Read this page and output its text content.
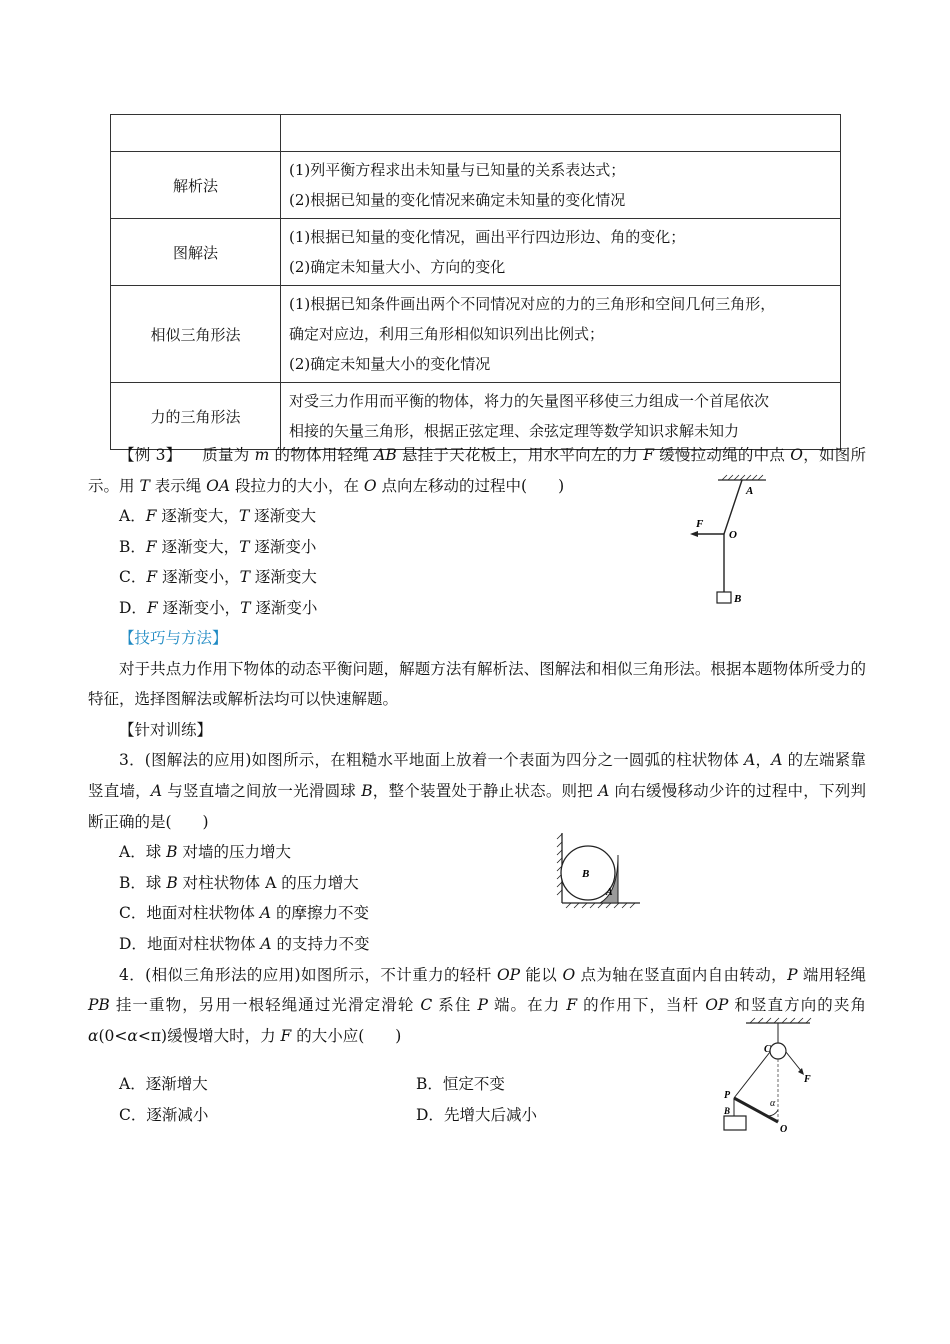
解析法	(1)列平衡方程求出未知量与已知量的关系表达式；
(2)根据已知量的变化情况来确定未知量的变化情况

图解法	(1)根据已知量的变化情况，画出平行四边形边、角的变化；
(2)确定未知量大小、方向的变化

相似三角形法	(1)根据已知条件画出两个不同情况对应的力的三角形和空间几何三角形，
确定对应边，利用三角形相似知识列出比例式；
(2)确定未知量大小的变化情况

力的三角形法	对受三力作用而平衡的物体，将力的矢量图平移使三力组成一个首尾依次
相接的矢量三角形，根据正弦定理、余弦定理等数学知识求解未知力

【例 3】 质量为 m 的物体用轻绳 AB 悬挂于天花板上，用水平向左的力 F 缓慢拉动绳的中点 O，如图所示。用 T 表示绳 OA 段拉力的大小，在 O 点向左移动的过程中(　　)

A．F 逐渐变大，T 逐渐变大
B．F 逐渐变大，T 逐渐变小
C．F 逐渐变小，T 逐渐变大
D．F 逐渐变小，T 逐渐变小
A
F
O
B
【技巧与方法】

对于共点力作用下物体的动态平衡问题，解题方法有解析法、图解法和相似三角形法。根据本题物体所受力的特征，选择图解法或解析法均可以快速解题。

【针对训练】

3．(图解法的应用)如图所示，在粗糙水平地面上放着一个表面为四分之一圆弧的柱状物体 A，A 的左端紧靠竖直墙，A 与竖直墙之间放一光滑圆球 B，整个装置处于静止状态。则把 A 向右缓慢移动少许的过程中，下列判断正确的是(　　)

A．球 B 对墙的压力增大
B．球 B 对柱状物体 A 的压力增大
C．地面对柱状物体 A 的摩擦力不变
D．地面对柱状物体 A 的支持力不变

4．(相似三角形法的应用)如图所示，不计重力的轻杆 OP 能以 O 点为轴在竖直面内自由转动，P 端用轻绳 PB 挂一重物，另用一根轻绳通过光滑定滑轮 C 系住 P 端。在力 F 的作用下，当杆 OP 和竖直方向的夹角 α(0<α<π)缓慢增大时，力 F 的大小应(　　)

B
A
A．逐渐增大	B．恒定不变
C．逐渐减小	D．先增大后减小
C
F
P
α
B
O
